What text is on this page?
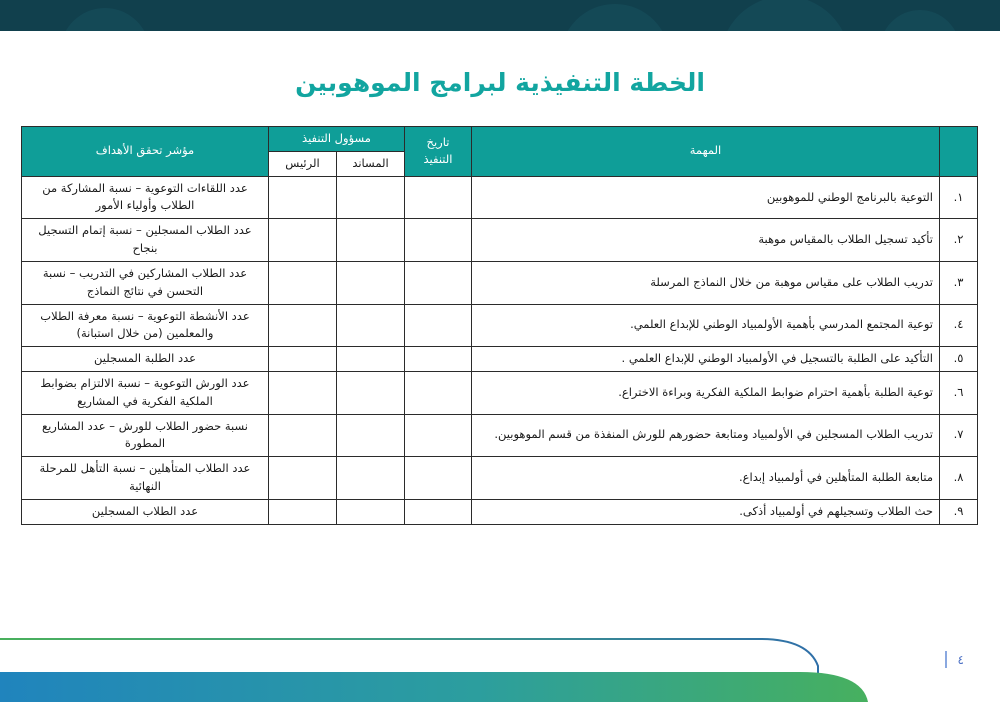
الخطة التنفيذية لبرامج الموهوبين
	المهمة	تاريخ التنفيذ	مسؤول التنفيذ		مؤشر تحقق الأهداف
			المساند	الرئيس	
١.	التوعية بالبرنامج الوطني للموهوبين				عدد اللقاءات التوعوية – نسبة المشاركة من الطلاب وأولياء الأمور
٢.	تأكيد تسجيل الطلاب بالمقياس موهبة				عدد الطلاب المسجلين – نسبة إتمام التسجيل بنجاح
٣.	تدريب الطلاب على مقياس موهبة من خلال النماذج المرسلة				عدد الطلاب المشاركين في التدريب – نسبة التحسن في نتائج النماذج
٤.	توعية المجتمع المدرسي بأهمية الأولمبياد الوطني للإبداع العلمي.				عدد الأنشطة التوعوية – نسبة معرفة الطلاب والمعلمين (من خلال استبانة)
٥.	التأكيد على الطلبة بالتسجيل في الأولمبياد الوطني للإبداع العلمي .				عدد الطلبة المسجلين
٦.	توعية الطلبة بأهمية احترام ضوابط الملكية الفكرية وبراءة الاختراع.				عدد الورش التوعوية – نسبة الالتزام بضوابط الملكية الفكرية في المشاريع
٧.	تدريب الطلاب المسجلين في الأولمبياد ومتابعة حضورهم للورش المنفذة من قسم الموهوبين.				نسبة حضور الطلاب للورش – عدد المشاريع المطورة
٨.	متابعة الطلبة المتأهلين في أولمبياد إبداع.				عدد الطلاب المتأهلين – نسبة التأهل للمرحلة النهائية
٩.	حث الطلاب وتسجيلهم في أولمبياد أذكى.				عدد الطلاب المسجلين
٤
